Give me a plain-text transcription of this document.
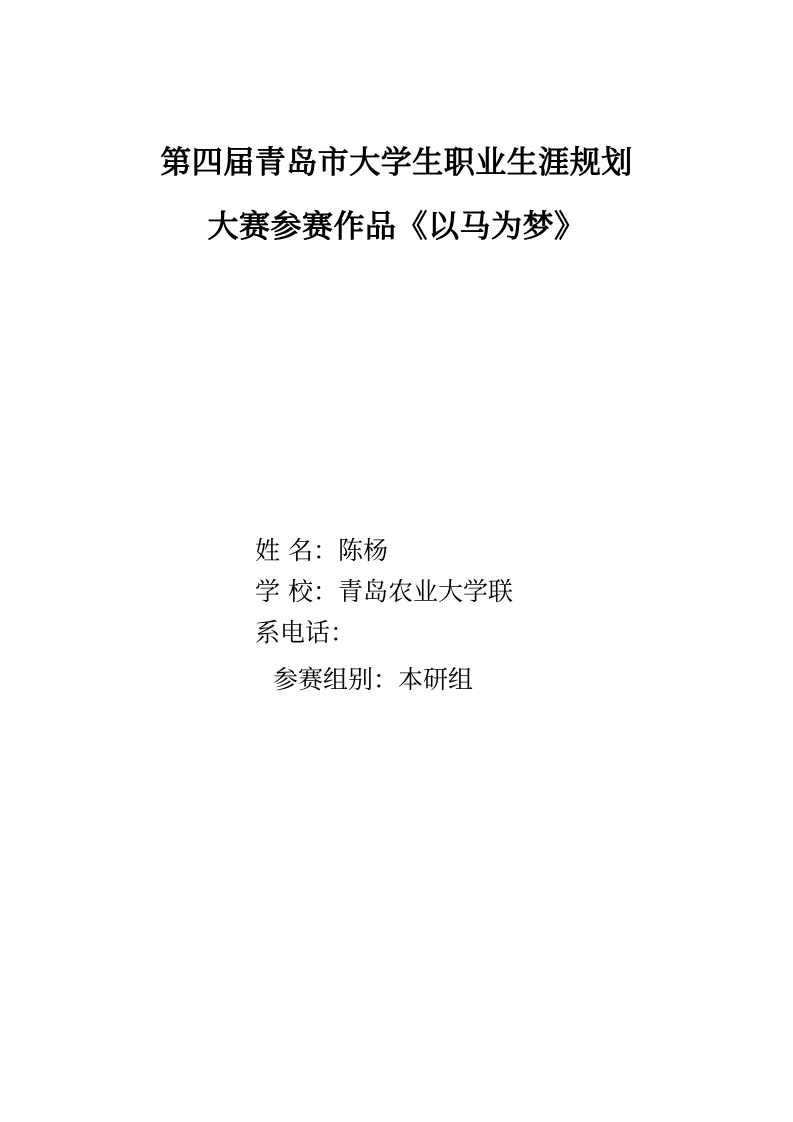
第四届青岛市大学生职业生涯规划
大赛参赛作品《以马为梦》
姓 名：陈杨
学 校：青岛农业大学联
系电话：
参赛组别：本研组
